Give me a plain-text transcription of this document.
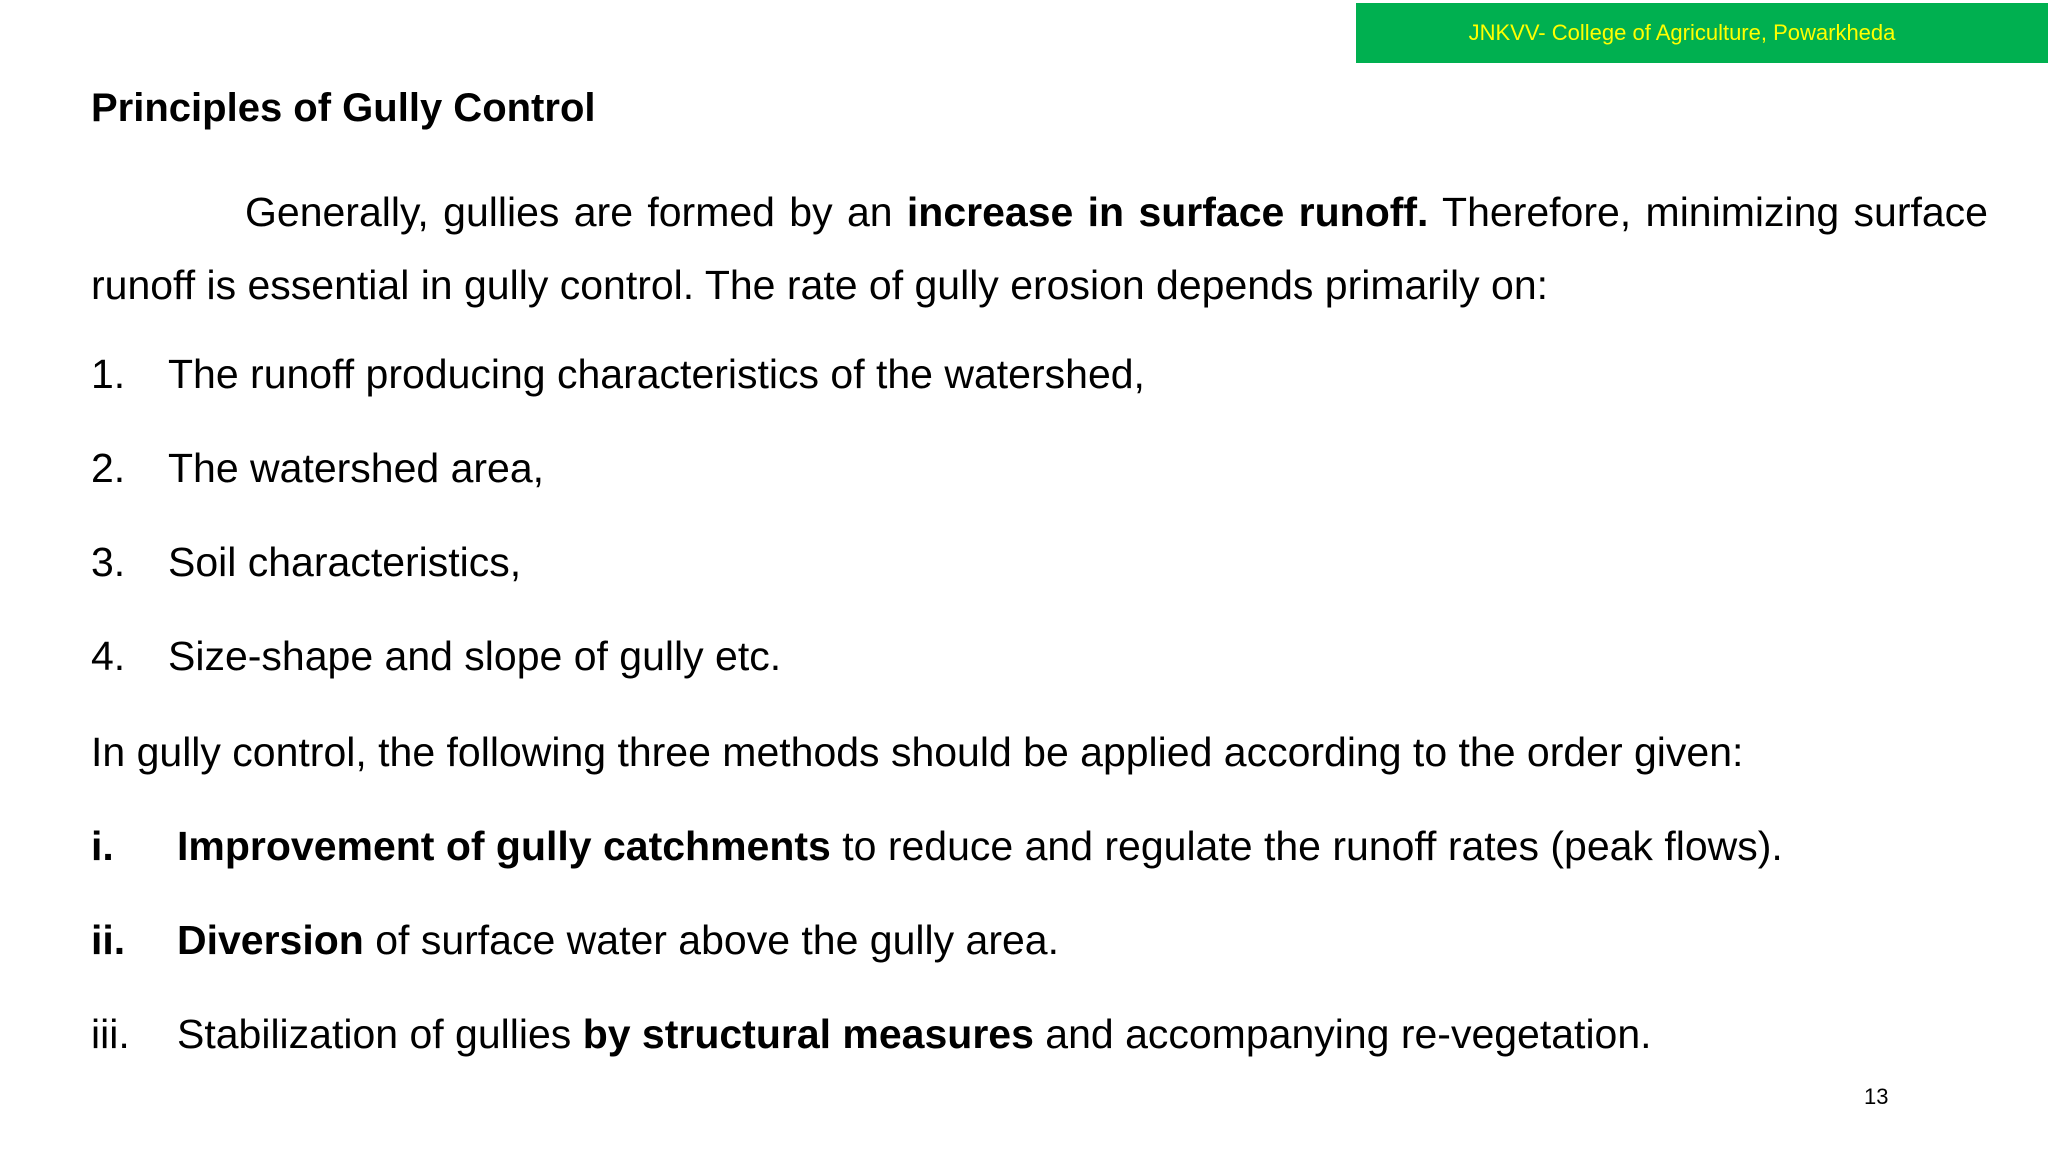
JNKVV- College of Agriculture, Powarkheda
Principles of Gully Control

Generally, gullies are formed by an increase in surface runoff. Therefore, minimizing surface runoff is essential in gully control. The rate of gully erosion depends primarily on:

1. The runoff producing characteristics of the watershed,
2. The watershed area,
3. Soil characteristics,
4. Size-shape and slope of gully etc.
In gully control, the following three methods should be applied according to the order given:
i. Improvement of gully catchments to reduce and regulate the runoff rates (peak flows).
ii. Diversion of surface water above the gully area.
iii. Stabilization of gullies by structural measures and accompanying re-vegetation.
13
